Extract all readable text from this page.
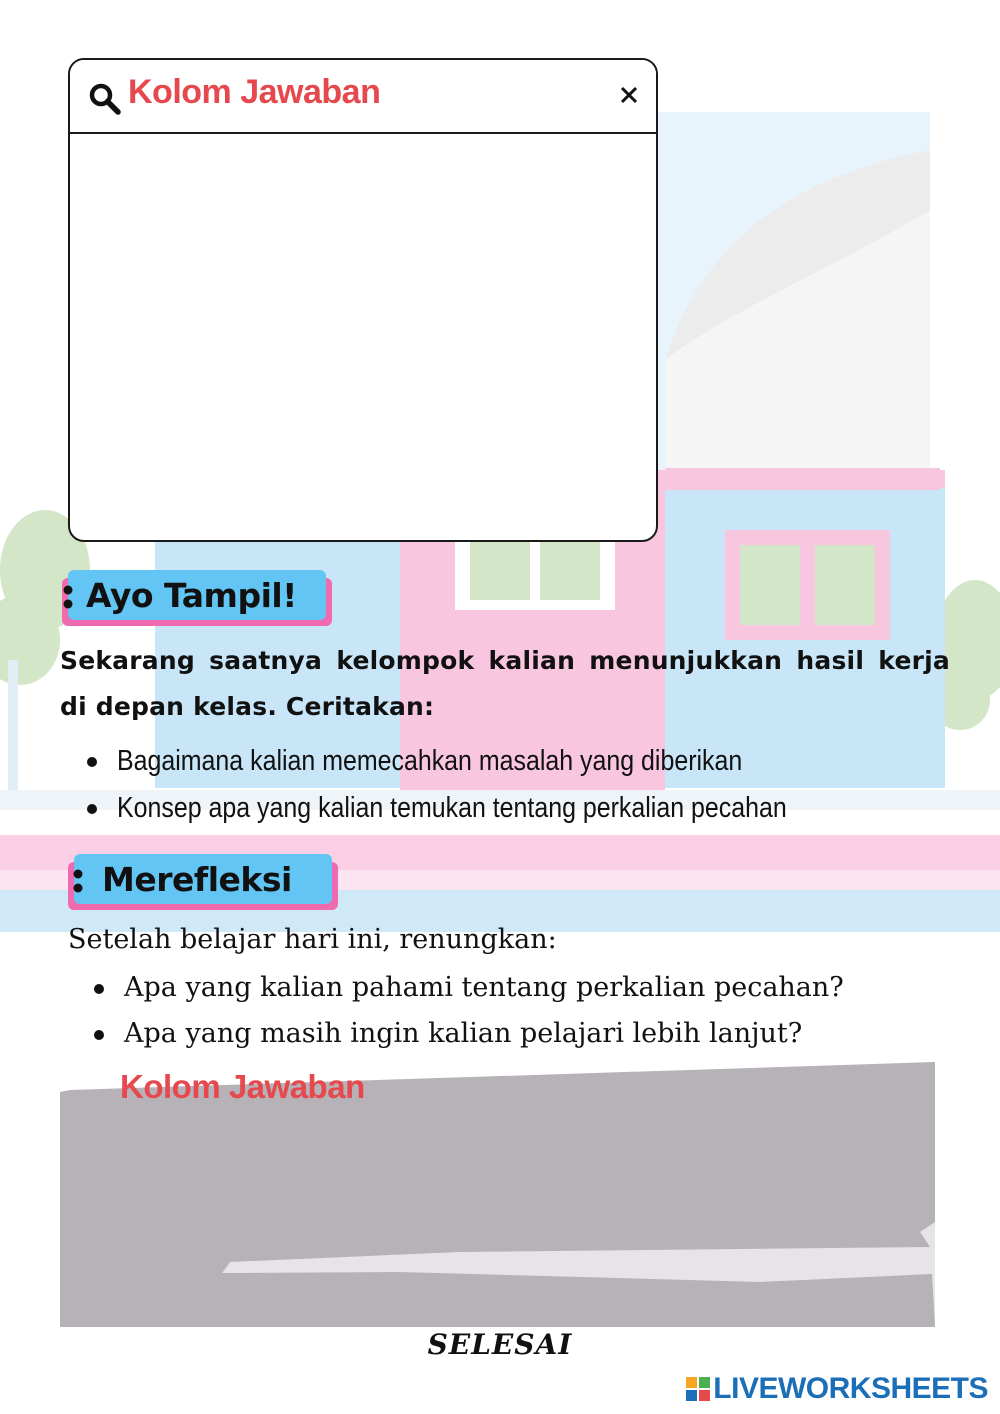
Kolom Jawaban
Ayo Tampil!

Sekarang saatnya kelompok kalian menunjukkan hasil kerja di depan kelas. Ceritakan:

Bagaimana kalian memecahkan masalah yang diberikan
Konsep apa yang kalian temukan tentang perkalian pecahan
Merefleksi
Setelah belajar hari ini, renungkan:
Apa yang kalian pahami tentang perkalian pecahan?
Apa yang masih ingin kalian pelajari lebih lanjut?
Kolom Jawaban
SELESAI
LIVEWORKSHEETS
